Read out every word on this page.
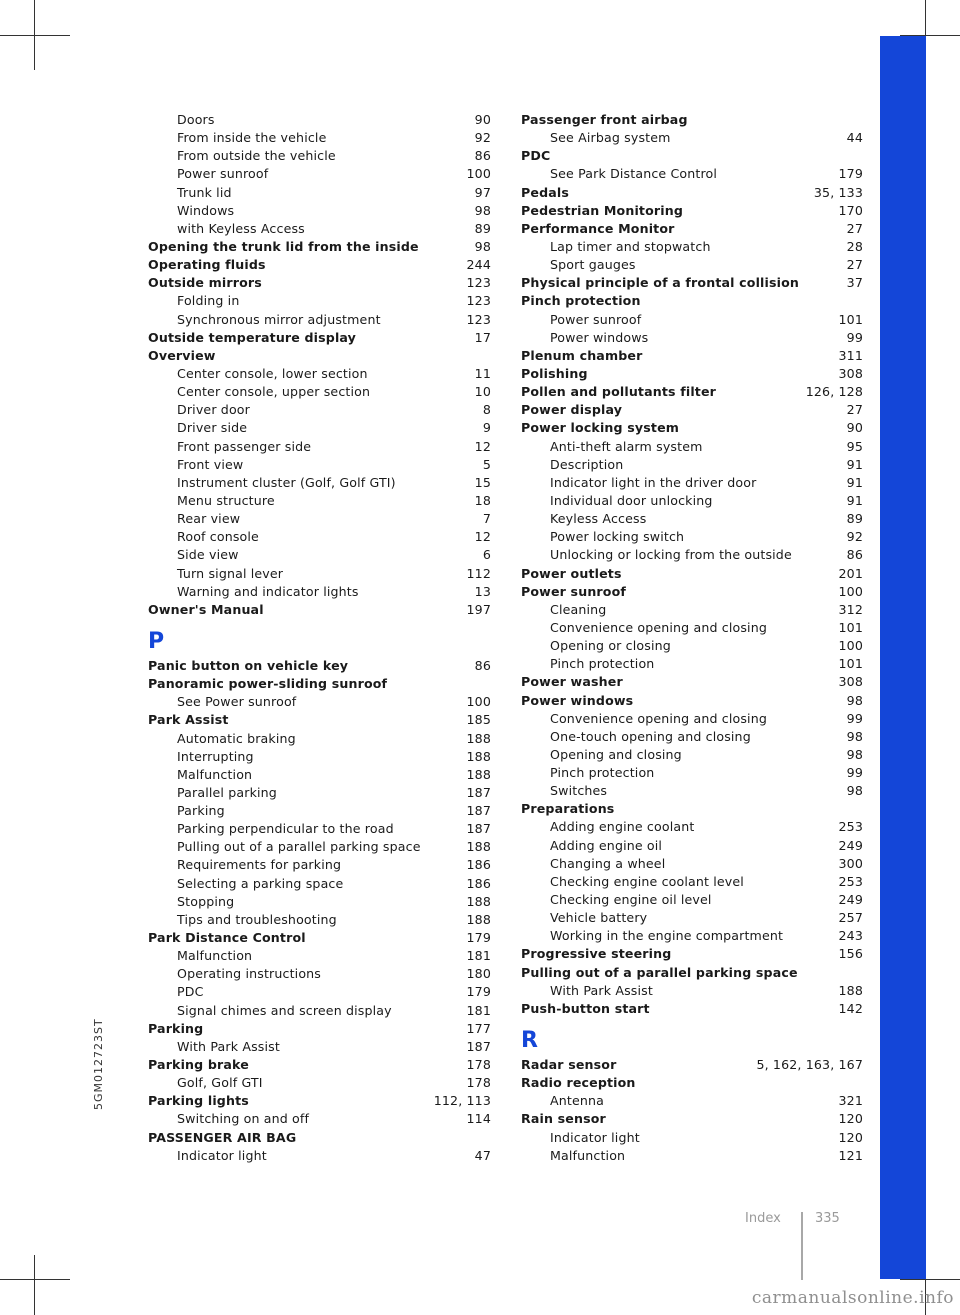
5GM012723ST
Doors	90
From inside the vehicle	92
From outside the vehicle	86
Power sunroof	100
Trunk lid	97
Windows	98
with Keyless Access	89
Opening the trunk lid from the inside	98
Operating fluids	244
Outside mirrors	123
Folding in	123
Synchronous mirror adjustment	123
Outside temperature display	17
Overview
Center console, lower section	11
Center console, upper section	10
Driver door	8
Driver side	9
Front passenger side	12
Front view	5
Instrument cluster (Golf, Golf GTI)	15
Menu structure	18
Rear view	7
Roof console	12
Side view	6
Turn signal lever	112
Warning and indicator lights	13
Owner's Manual	197
P
Panic button on vehicle key	86
Panoramic power-sliding sunroof
See Power sunroof	100
Park Assist	185
Automatic braking	188
Interrupting	188
Malfunction	188
Parallel parking	187
Parking	187
Parking perpendicular to the road	187
Pulling out of a parallel parking space	188
Requirements for parking	186
Selecting a parking space	186
Stopping	188
Tips and troubleshooting	188
Park Distance Control	179
Malfunction	181
Operating instructions	180
PDC	179
Signal chimes and screen display	181
Parking	177
With Park Assist	187
Parking brake	178
Golf, Golf GTI	178
Parking lights	112, 113
Switching on and off	114
PASSENGER AIR BAG
Indicator light	47
Passenger front airbag
See Airbag system	44
PDC
See Park Distance Control	179
Pedals	35, 133
Pedestrian Monitoring	170
Performance Monitor	27
Lap timer and stopwatch	28
Sport gauges	27
Physical principle of a frontal collision	37
Pinch protection
Power sunroof	101
Power windows	99
Plenum chamber	311
Polishing	308
Pollen and pollutants filter	126, 128
Power display	27
Power locking system	90
Anti-theft alarm system	95
Description	91
Indicator light in the driver door	91
Individual door unlocking	91
Keyless Access	89
Power locking switch	92
Unlocking or locking from the outside	86
Power outlets	201
Power sunroof	100
Cleaning	312
Convenience opening and closing	101
Opening or closing	100
Pinch protection	101
Power washer	308
Power windows	98
Convenience opening and closing	99
One-touch opening and closing	98
Opening and closing	98
Pinch protection	99
Switches	98
Preparations
Adding engine coolant	253
Adding engine oil	249
Changing a wheel	300
Checking engine coolant level	253
Checking engine oil level	249
Vehicle battery	257
Working in the engine compartment	243
Progressive steering	156
Pulling out of a parallel parking space
With Park Assist	188
Push-button start	142
R
Radar sensor	5, 162, 163, 167
Radio reception
Antenna	321
Rain sensor	120
Indicator light	120
Malfunction	121
Index	335
carmanualsonline.info
